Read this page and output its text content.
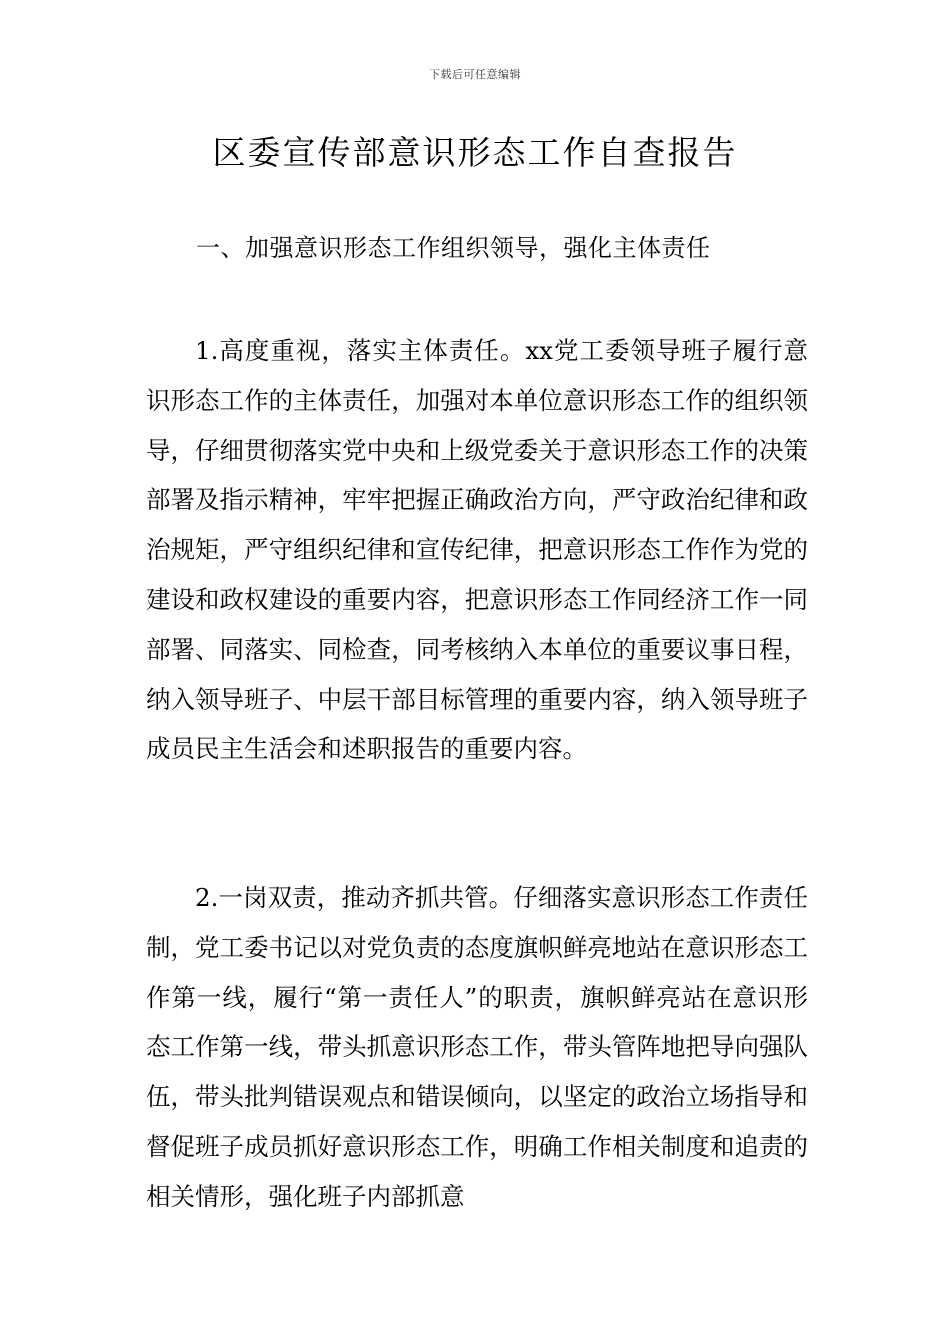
下载后可任意编辑
区委宣传部意识形态工作自查报告
一、加强意识形态工作组织领导，强化主体责任

1.高度重视，落实主体责任。xx党工委领导班子履行意识形态工作的主体责任，加强对本单位意识形态工作的组织领导，仔细贯彻落实党中央和上级党委关于意识形态工作的决策部署及指示精神，牢牢把握正确政治方向，严守政治纪律和政治规矩，严守组织纪律和宣传纪律，把意识形态工作作为党的建设和政权建设的重要内容，把意识形态工作同经济工作一同部署、同落实、同检查，同考核纳入本单位的重要议事日程，纳入领导班子、中层干部目标管理的重要内容，纳入领导班子成员民主生活会和述职报告的重要内容。

2.一岗双责，推动齐抓共管。仔细落实意识形态工作责任制，党工委书记以对党负责的态度旗帜鲜亮地站在意识形态工作第一线，履行“第一责任人”的职责，旗帜鲜亮站在意识形态工作第一线，带头抓意识形态工作，带头管阵地把导向强队伍，带头批判错误观点和错误倾向，以坚定的政治立场指导和督促班子成员抓好意识形态工作，明确工作相关制度和追责的相关情形，强化班子内部抓意
